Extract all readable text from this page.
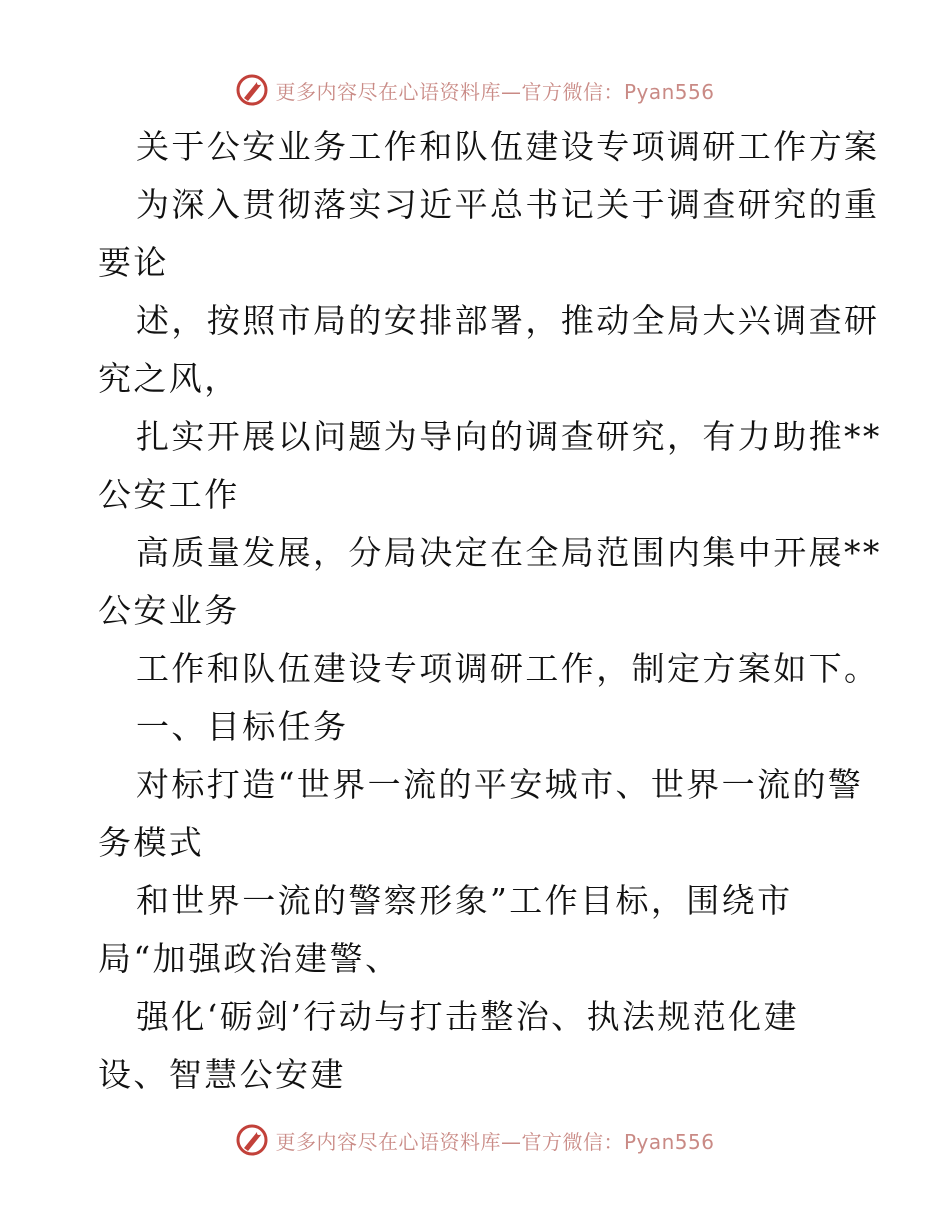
更多内容尽在心语资料库—官方微信：Pyan556
关于公安业务工作和队伍建设专项调研工作方案
为深入贯彻落实习近平总书记关于调查研究的重
要论
述，按照市局的安排部署，推动全局大兴调查研
究之风，
扎实开展以问题为导向的调查研究，有力助推**
公安工作
高质量发展，分局决定在全局范围内集中开展**
公安业务
工作和队伍建设专项调研工作，制定方案如下。
一、目标任务
对标打造“世界一流的平安城市、世界一流的警
务模式
和世界一流的警察形象”工作目标，围绕市
局“加强政治建警、
强化‘砺剑’行动与打击整治、执法规范化建
设、智慧公安建
更多内容尽在心语资料库—官方微信：Pyan556
